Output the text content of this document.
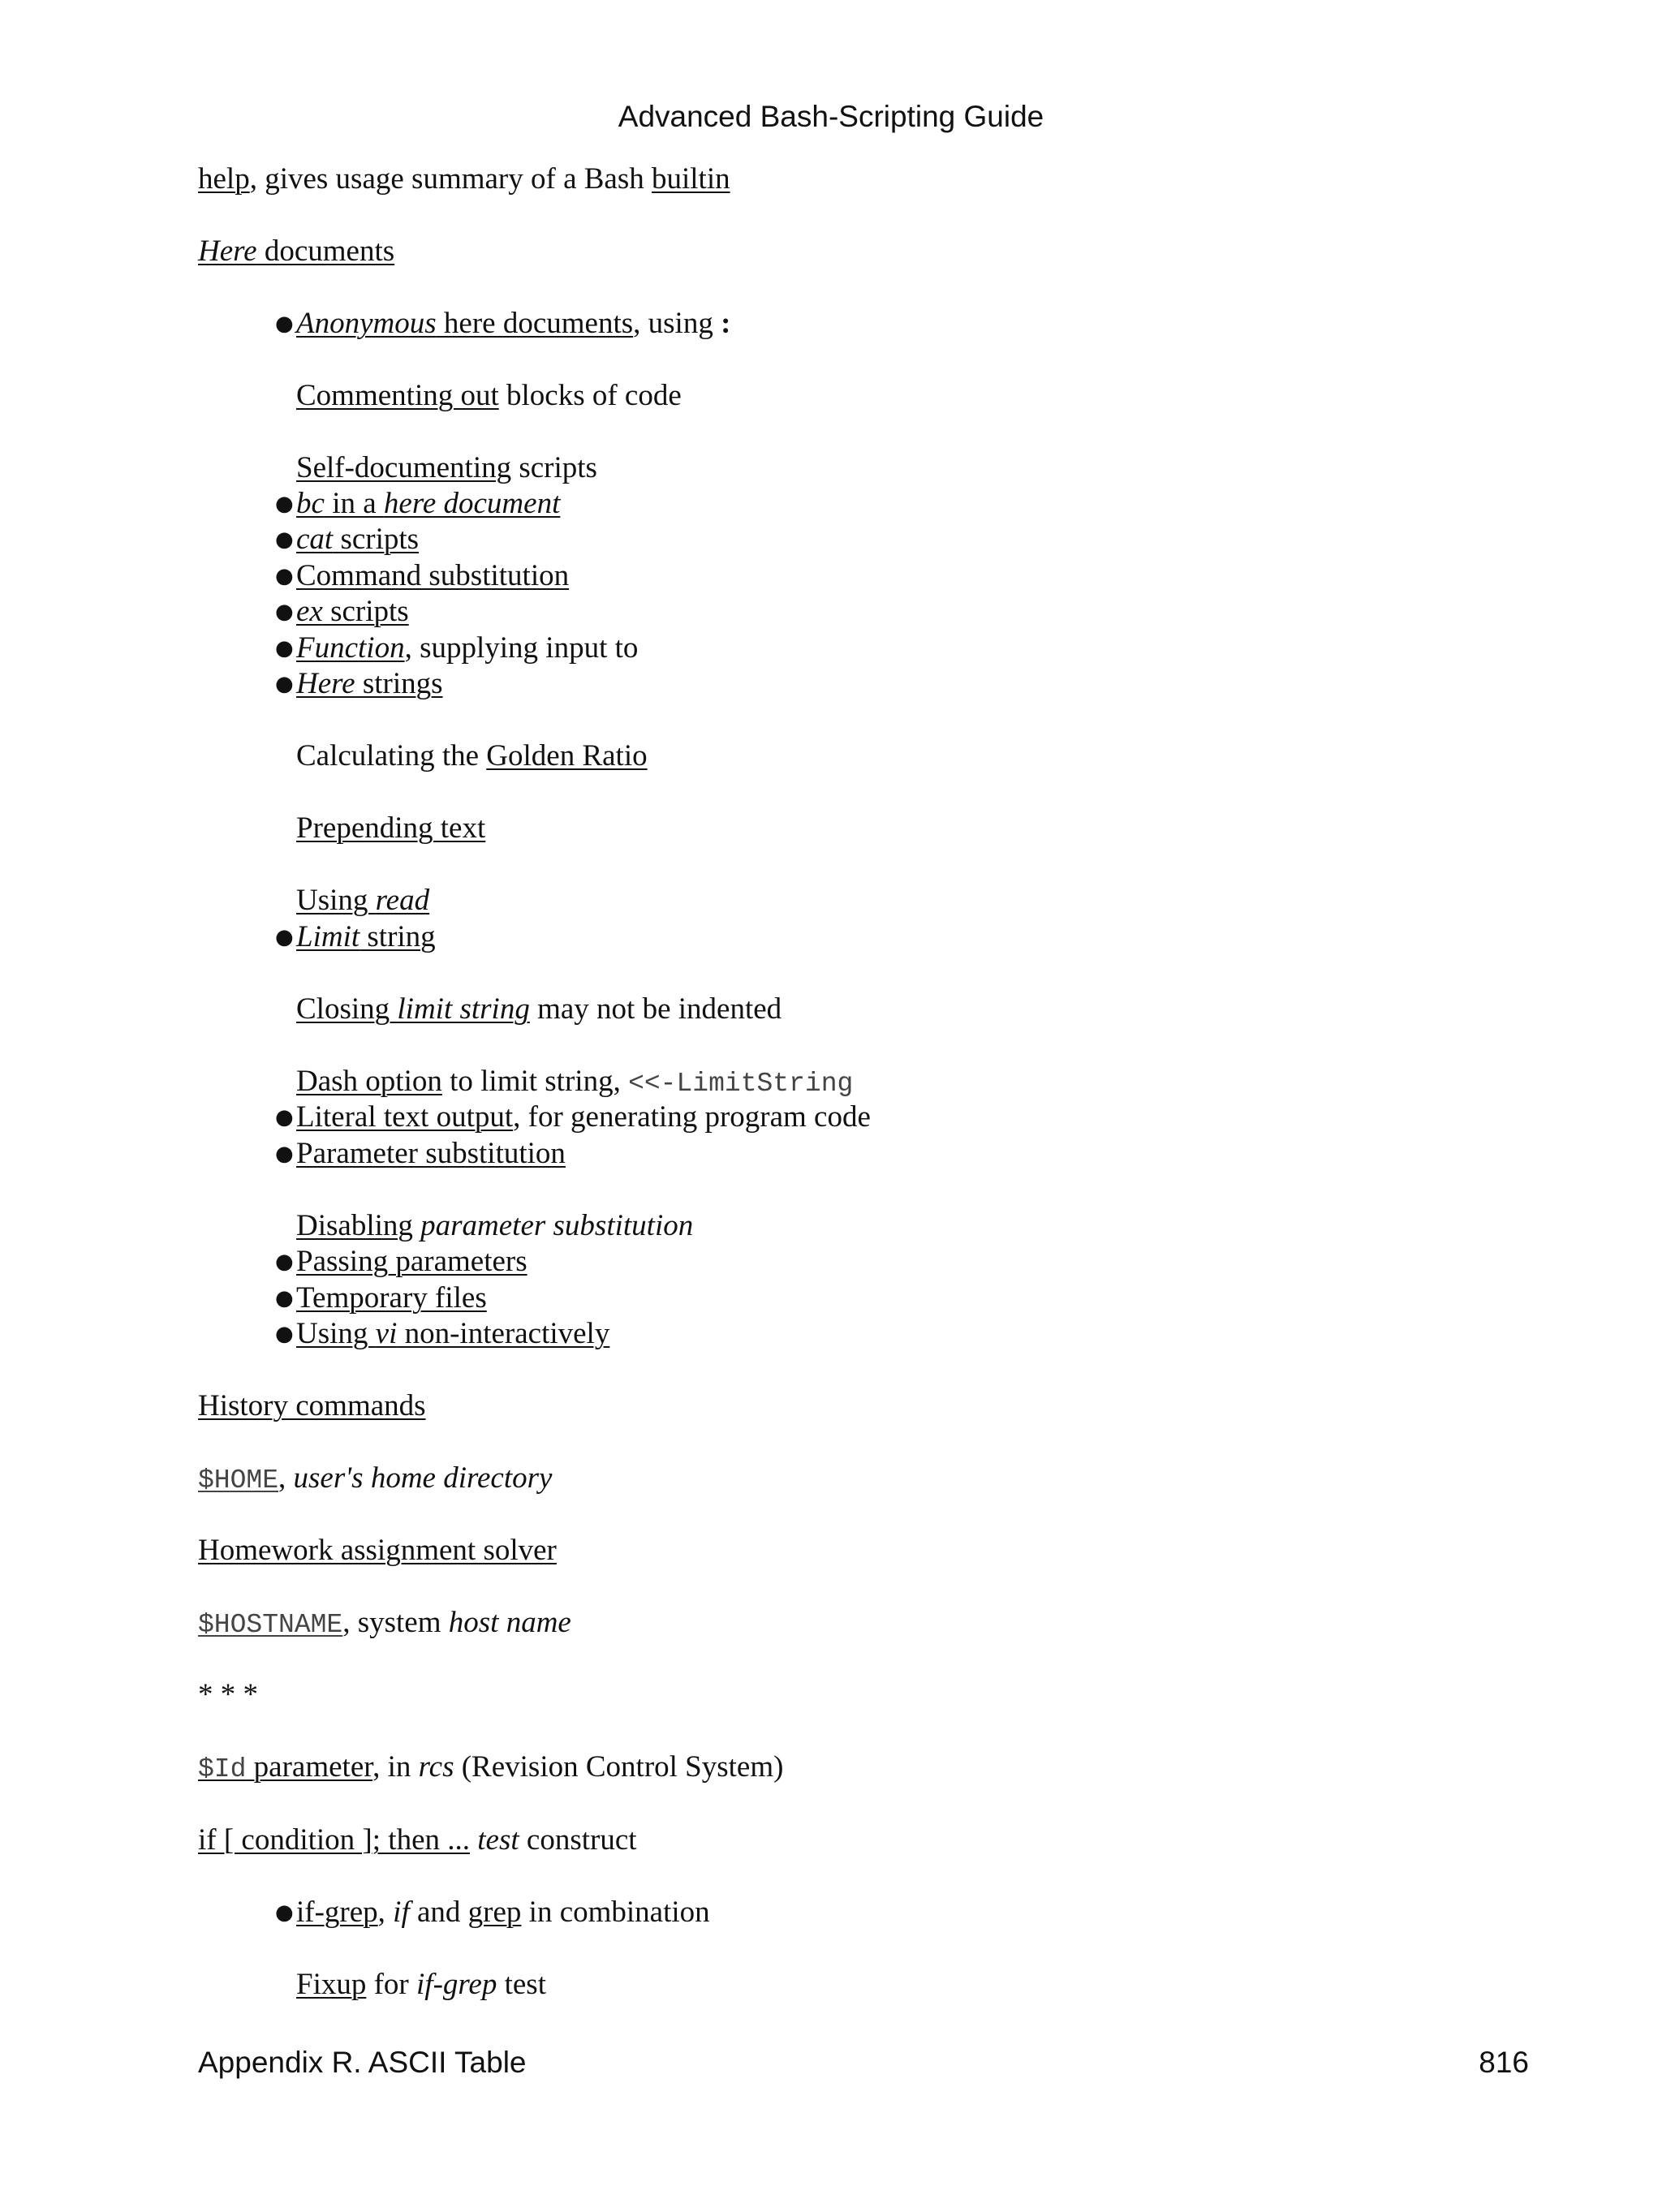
Advanced Bash-Scripting Guide
help, gives usage summary of a Bash builtin
Here documents
● Anonymous here documents, using :
Commenting out blocks of code
Self-documenting scripts
● bc in a here document
● cat scripts
● Command substitution
● ex scripts
● Function, supplying input to
● Here strings
Calculating the Golden Ratio
Prepending text
Using read
● Limit string
Closing limit string may not be indented
Dash option to limit string, <<-LimitString
● Literal text output, for generating program code
● Parameter substitution
Disabling parameter substitution
● Passing parameters
● Temporary files
● Using vi non-interactively
History commands
$HOME, user's home directory
Homework assignment solver
$HOSTNAME, system host name
* * *
$Id parameter, in rcs (Revision Control System)
if [ condition ]; then ... test construct
● if-grep, if and grep in combination
Fixup for if-grep test
Appendix R. ASCII Table	816
